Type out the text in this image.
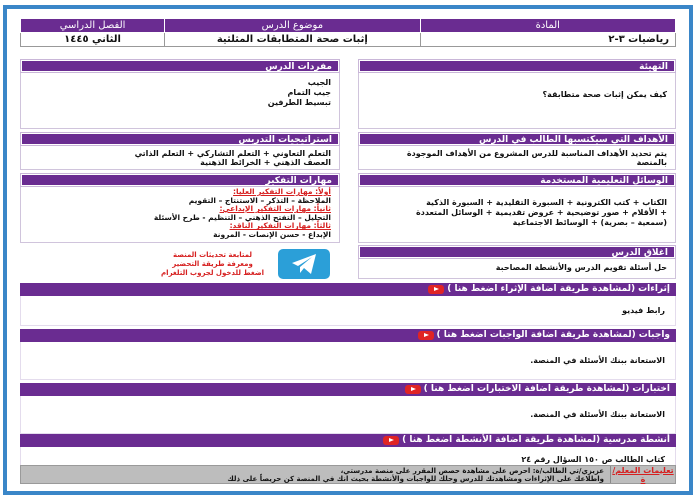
المادة	موضوع الدرس	الفصل الدراسي
رياضيات ٣-٢	إثبات صحة المتطابقات المثلثية	الثاني ١٤٤٥
التهيئة
كيف يمكن إثبات صحة متطابقة؟
الأهداف التي سيكتسبها الطالب في الدرس
يتم تحديد الأهداف المناسبة للدرس المشروع من الأهداف الموجودة
بالمنصة
الوسائل التعليمية المستخدمة
الكتاب + كتب الكترونية + السبورة التقليدية + السبورة الذكية
+ الأقلام + صور توضيحية + عروض تقديمية + الوسائل المتعددة
(سمعية – بصرية) + الوسائط الاجتماعية
اغلاق الدرس
حل أسئلة تقويم الدرس والأنشطة المصاحبة
مفردات الدرس
الجيب
جيب التمام
تبسيط الطرفين
استراتيجيات التدريس
التعلم التعاوني + التعلم التشاركي + التعلم الذاتي
العصف الذهني + الخرائط الذهنية
مهارات التفكير
أولاً: مهارات التفكير العليا:
الملاحظة – التذكر – الاستنتاج – التقويم
ثانياً: مهارات التفكير الإبداعي:
التحليل – التفتح الذهني – التنظيم - طرح الأسئلة
ثالثاً: مهارات التفكير الناقد:
الإبداع - حسن الإنصات - المرونة
لمتابعة تحديثات المنصة
ومعرفة طريقة التحضير
اضغط للدخول لجروب التلغرام
إثراءات
(لمشاهدة طريقة اضافة الإثراء اضغط هنا )
رابط فيديو
واجبات
(لمشاهدة طريقة اضافة الواجبات اضغط هنا )
الاستعانة ببنك الأسئلة في المنصة.
اختبارات
(لمشاهدة طريقة اضافة الاختبارات اضغط هنا )
الاستعانة ببنك الأسئلة في المنصة.
أنشطة مدرسية
(لمشاهدة طريقة اضافة الأنشطة اضغط هنا )
كتاب الطالب ص ١٥٠ السؤال رقم ٢٤
تعليمات المعلم/ة
عزيزي/تي الطالب/ة: احرص على مشاهدة حصص المقرر على منصة مدرستي،
واطلاعك على الإثراءات ومشاهدتك للدرس وحلك للواجبات والأنشطة بحيث انك في المنصة كن حريصاً على ذلك
